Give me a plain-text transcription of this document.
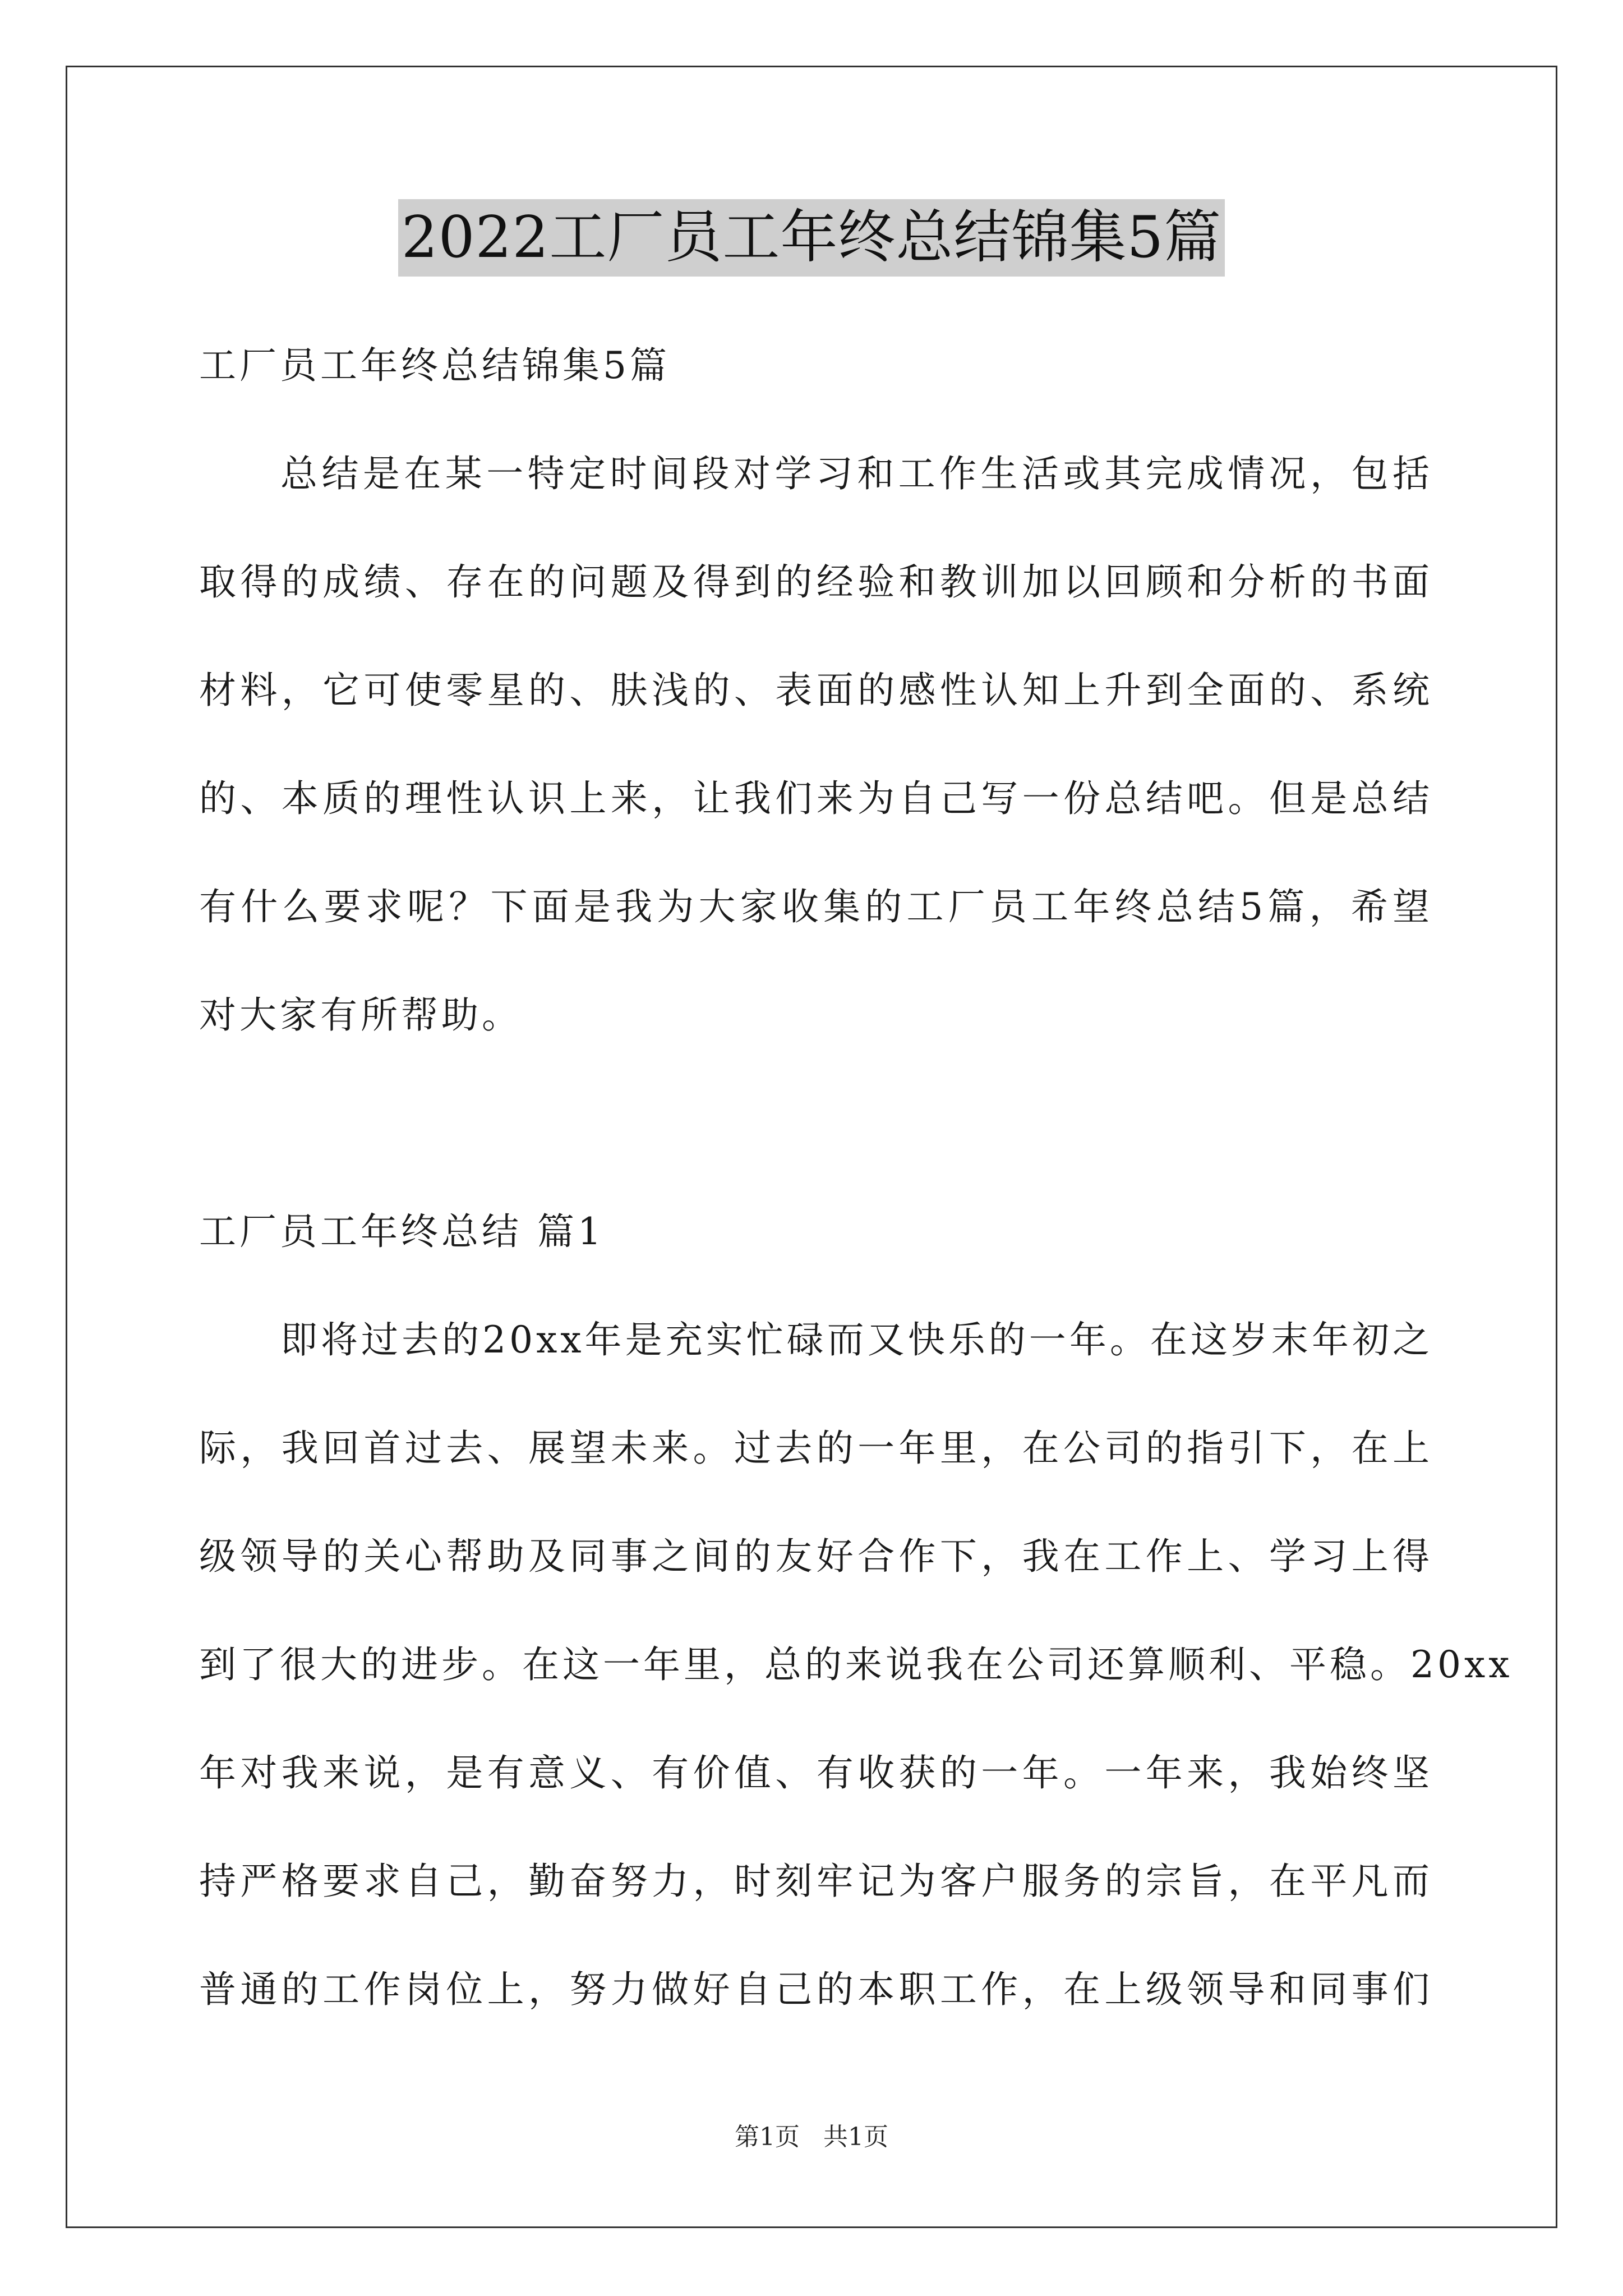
2022工厂员工年终总结锦集5篇
工厂员工年终总结锦集5篇
总结是在某一特定时间段对学习和工作生活或其完成情况，包括
取得的成绩、存在的问题及得到的经验和教训加以回顾和分析的书面
材料，它可使零星的、肤浅的、表面的感性认知上升到全面的、系统
的、本质的理性认识上来，让我们来为自己写一份总结吧。但是总结
有什么要求呢？下面是我为大家收集的工厂员工年终总结5篇，希望
对大家有所帮助。
工厂员工年终总结 篇1
即将过去的20xx年是充实忙碌而又快乐的一年。在这岁末年初之
际，我回首过去、展望未来。过去的一年里，在公司的指引下，在上
级领导的关心帮助及同事之间的友好合作下，我在工作上、学习上得
到了很大的进步。在这一年里，总的来说我在公司还算顺利、平稳。20xx
年对我来说，是有意义、有价值、有收获的一年。一年来，我始终坚
持严格要求自己，勤奋努力，时刻牢记为客户服务的宗旨，在平凡而
普通的工作岗位上，努力做好自己的本职工作，在上级领导和同事们
第1页   共1页
